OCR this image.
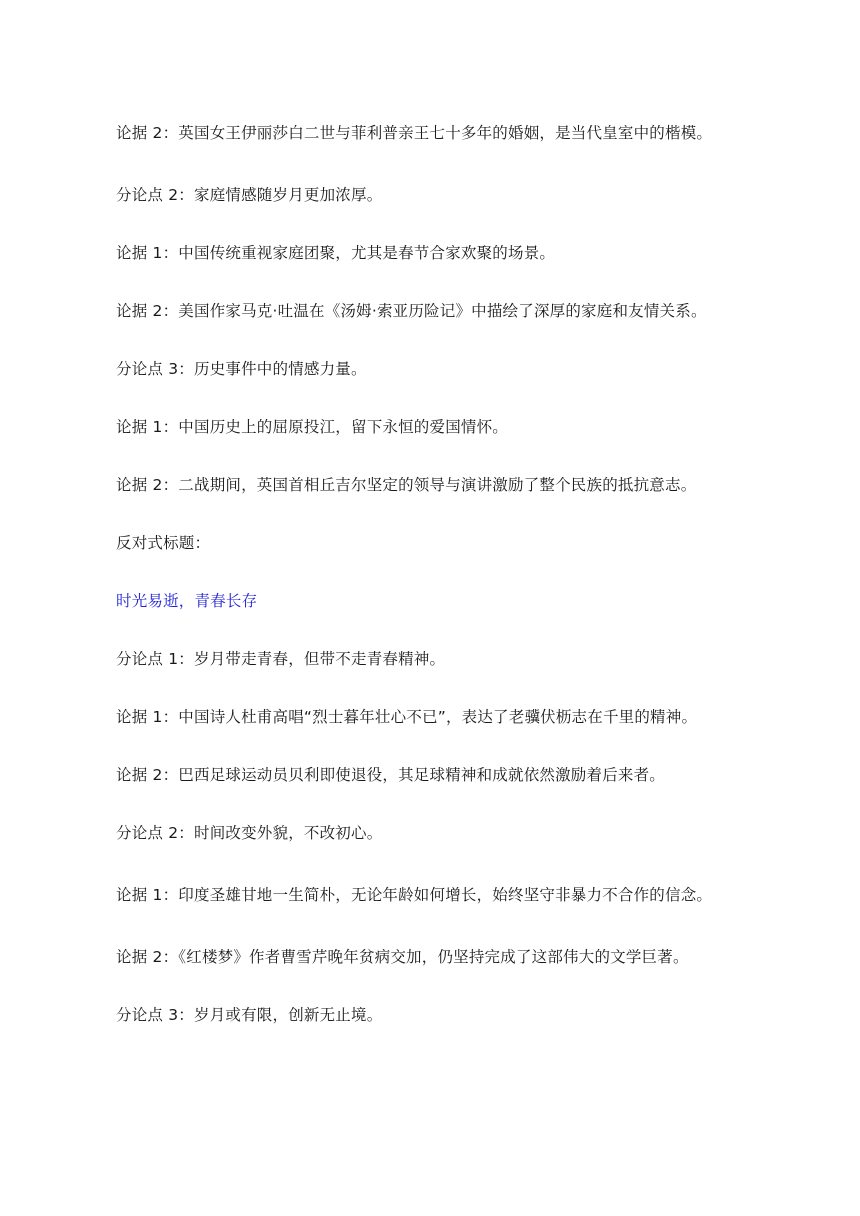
论据 2：英国女王伊丽莎白二世与菲利普亲王七十多年的婚姻，是当代皇室中的楷模。

分论点 2：家庭情感随岁月更加浓厚。

论据 1：中国传统重视家庭团聚，尤其是春节合家欢聚的场景。

论据 2：美国作家马克·吐温在《汤姆·索亚历险记》中描绘了深厚的家庭和友情关系。

分论点 3：历史事件中的情感力量。

论据 1：中国历史上的屈原投江，留下永恒的爱国情怀。

论据 2：二战期间，英国首相丘吉尔坚定的领导与演讲激励了整个民族的抵抗意志。

反对式标题：

时光易逝，青春长存

分论点 1：岁月带走青春，但带不走青春精神。

论据 1：中国诗人杜甫高唱“烈士暮年壮心不已”，表达了老骥伏枥志在千里的精神。

论据 2：巴西足球运动员贝利即使退役，其足球精神和成就依然激励着后来者。

分论点 2：时间改变外貌，不改初心。

论据 1：印度圣雄甘地一生简朴，无论年龄如何增长，始终坚守非暴力不合作的信念。

论据 2：《红楼梦》作者曹雪芹晚年贫病交加，仍坚持完成了这部伟大的文学巨著。

分论点 3：岁月或有限，创新无止境。
